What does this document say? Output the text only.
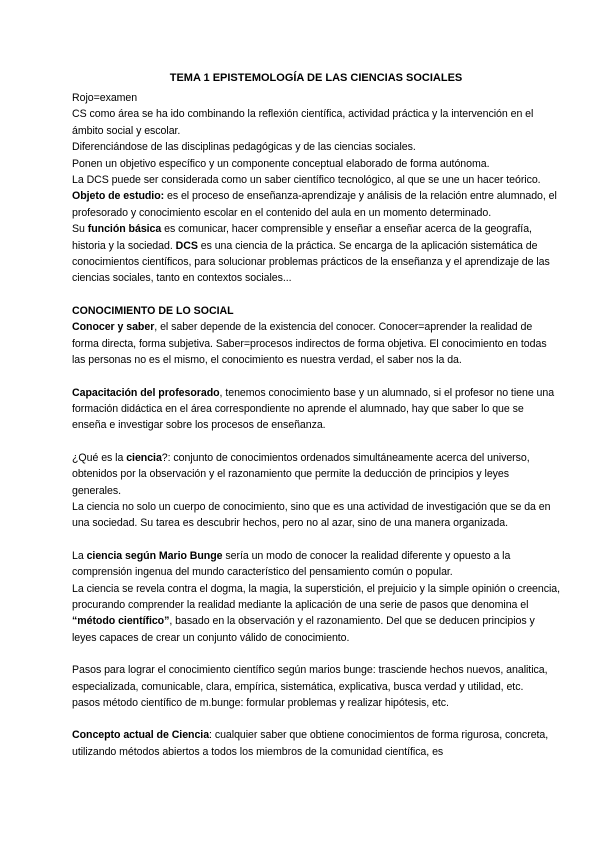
TEMA 1 EPISTEMOLOGÍA DE LAS CIENCIAS SOCIALES

Rojo=examen

CS como área se ha ido combinando la reflexión científica, actividad práctica y la intervención en el ámbito social y escolar.

Diferenciándose de las disciplinas pedagógicas y de las ciencias sociales.

Ponen un objetivo específico y un componente conceptual elaborado de forma autónoma.

La DCS puede ser considerada como un saber científico tecnológico, al que se une un hacer teórico.

Objeto de estudio: es el proceso de enseñanza-aprendizaje y análisis de la relación entre alumnado, el profesorado y conocimiento escolar en el contenido del aula en un momento determinado.

Su función básica es comunicar, hacer comprensible y enseñar a enseñar acerca de la geografía, historia y la sociedad. DCS es una ciencia de la práctica. Se encarga de la aplicación sistemática de conocimientos científicos, para solucionar problemas prácticos de la enseñanza y el aprendizaje de las ciencias sociales, tanto en contextos sociales...

CONOCIMIENTO DE LO SOCIAL

Conocer y saber, el saber depende de la existencia del conocer. Conocer=aprender la realidad de forma directa, forma subjetiva. Saber=procesos indirectos de forma objetiva. El conocimiento en todas las personas no es el mismo, el conocimiento es nuestra verdad, el saber nos la da.

Capacitación del profesorado, tenemos conocimiento base y un alumnado, si el profesor no tiene una formación didáctica en el área correspondiente no aprende el alumnado, hay que saber lo que se enseña e investigar sobre los procesos de enseñanza.

¿Qué es la ciencia?: conjunto de conocimientos ordenados simultáneamente acerca del universo, obtenidos por la observación y el razonamiento que permite la deducción de principios y leyes generales.

La ciencia no solo un cuerpo de conocimiento, sino que es una actividad de investigación que se da en una sociedad. Su tarea es descubrir hechos, pero no al azar, sino de una manera organizada.

La ciencia según Mario Bunge sería un modo de conocer la realidad diferente y opuesto a la comprensión ingenua del mundo característico del pensamiento común o popular.

La ciencia se revela contra el dogma, la magia, la superstición, el prejuicio y la simple opinión o creencia, procurando comprender la realidad mediante la aplicación de una serie de pasos que denomina el “método científico”, basado en la observación y el razonamiento. Del que se deducen principios y leyes capaces de crear un conjunto válido de conocimiento.

Pasos para lograr el conocimiento científico según marios bunge: trasciende hechos nuevos, analitica, especializada, comunicable, clara, empírica, sistemática, explicativa, busca verdad y utilidad, etc.

pasos método científico de m.bunge: formular problemas y realizar hipótesis, etc.

Concepto actual de Ciencia: cualquier saber que obtiene conocimientos de forma rigurosa, concreta, utilizando métodos abiertos a todos los miembros de la comunidad científica, es
